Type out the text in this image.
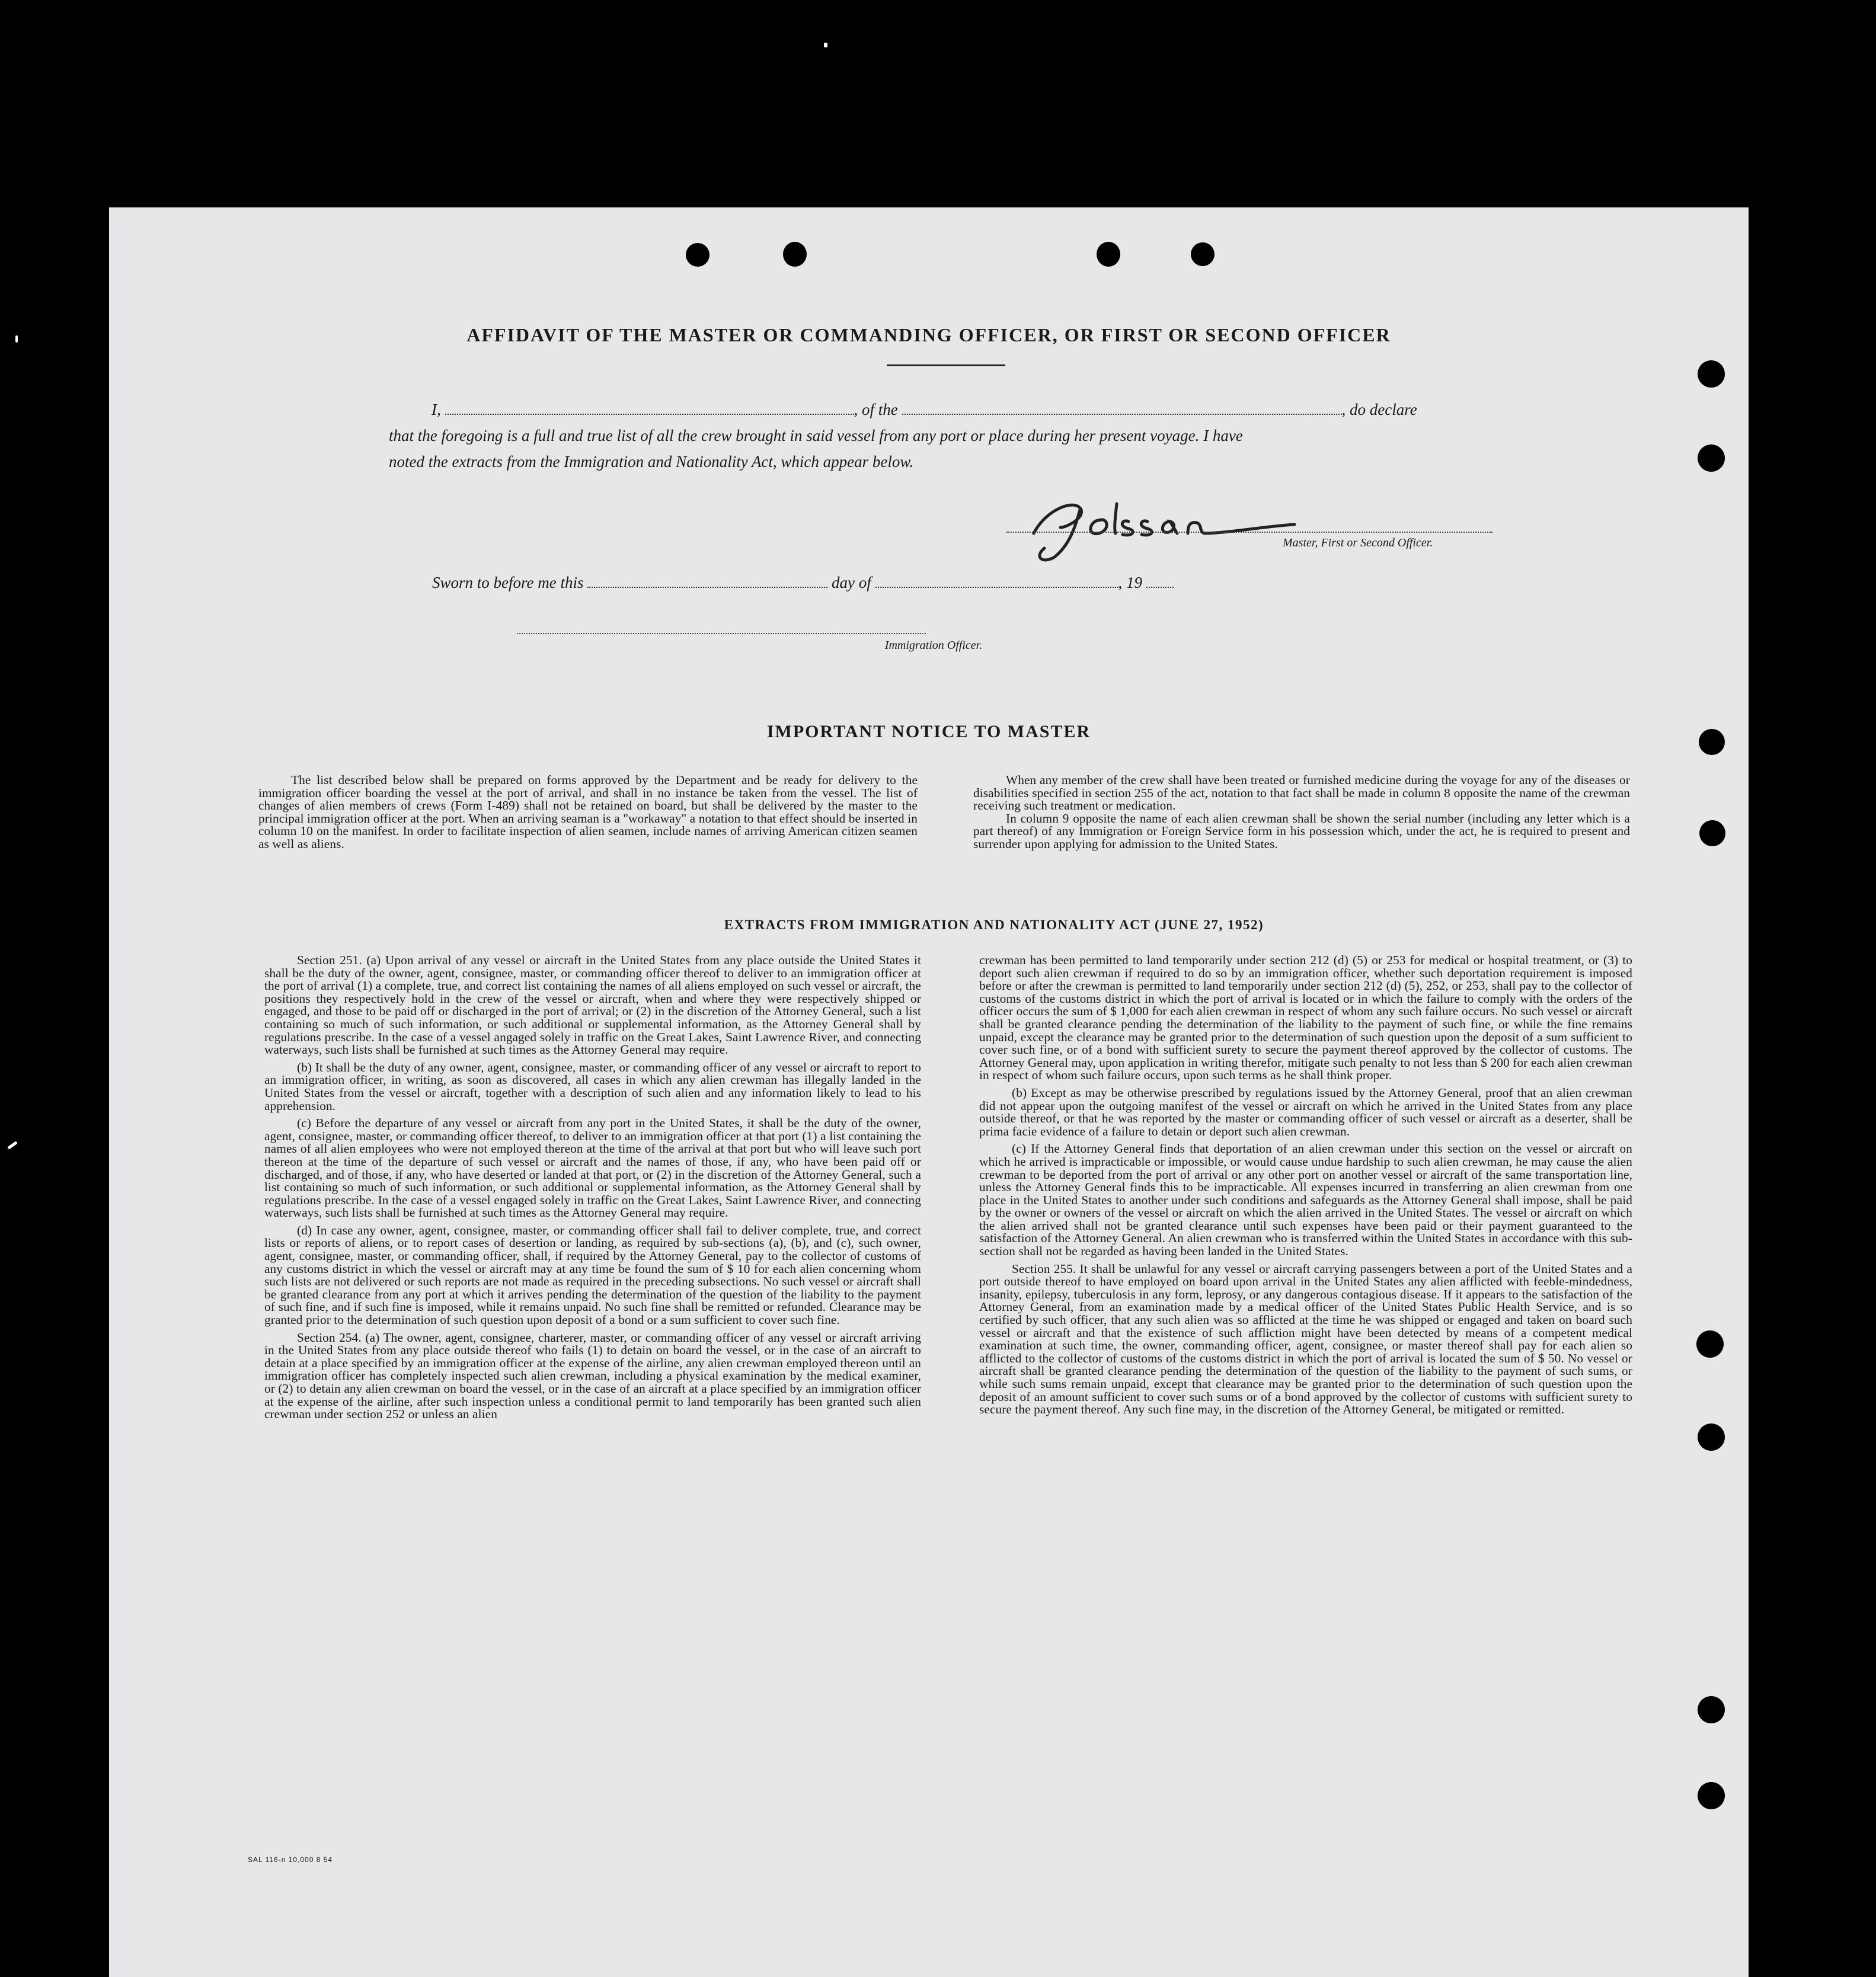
AFFIDAVIT OF THE MASTER OR COMMANDING OFFICER, OR FIRST OR SECOND OFFICER
I,	, of the	, do declare
that the foregoing is a full and true list of all the crew brought in said vessel from any port or place during her present voyage. I have
noted the extracts from the Immigration and Nationality Act, which appear below.
Master, First or Second Officer.
Sworn to before me this	day of	, 19
Immigration Officer.
IMPORTANT NOTICE TO MASTER

The list described below shall be prepared on forms approved by the Department and be ready for delivery to the immigration officer boarding the vessel at the port of arrival, and shall in no instance be taken from the vessel. The list of changes of alien members of crews (Form I-489) shall not be retained on board, but shall be delivered by the master to the principal immigration officer at the port. When an arriving seaman is a "workaway" a notation to that effect should be inserted in column 10 on the manifest. In order to facilitate inspection of alien seamen, include names of arriving American citizen seamen as well as aliens.

When any member of the crew shall have been treated or furnished medicine during the voyage for any of the diseases or disabilities specified in section 255 of the act, notation to that fact shall be made in column 8 opposite the name of the crewman receiving such treatment or medication.

In column 9 opposite the name of each alien crewman shall be shown the serial number (including any letter which is a part thereof) of any Immigration or Foreign Service form in his possession which, under the act, he is required to present and surrender upon applying for admission to the United States.

EXTRACTS FROM IMMIGRATION AND NATIONALITY ACT (JUNE 27, 1952)

Section 251. (a) Upon arrival of any vessel or aircraft in the United States from any place outside the United States it shall be the duty of the owner, agent, consignee, master, or commanding officer thereof to deliver to an immigration officer at the port of arrival (1) a complete, true, and correct list containing the names of all aliens employed on such vessel or aircraft, the positions they respectively hold in the crew of the vessel or aircraft, when and where they were respectively shipped or engaged, and those to be paid off or discharged in the port of arrival; or (2) in the discretion of the Attorney General, such a list containing so much of such information, or such additional or supplemental information, as the Attorney General shall by regulations prescribe. In the case of a vessel angaged solely in traffic on the Great Lakes, Saint Lawrence River, and connecting waterways, such lists shall be furnished at such times as the Attorney General may require.

(b) It shall be the duty of any owner, agent, consignee, master, or commanding officer of any vessel or aircraft to report to an immigration officer, in writing, as soon as discovered, all cases in which any alien crewman has illegally landed in the United States from the vessel or aircraft, together with a description of such alien and any information likely to lead to his apprehension.

(c) Before the departure of any vessel or aircraft from any port in the United States, it shall be the duty of the owner, agent, consignee, master, or commanding officer thereof, to deliver to an immigration officer at that port (1) a list containing the names of all alien employees who were not employed thereon at the time of the arrival at that port but who will leave such port thereon at the time of the departure of such vessel or aircraft and the names of those, if any, who have been paid off or discharged, and of those, if any, who have deserted or landed at that port, or (2) in the discretion of the Attorney General, such a list containing so much of such information, or such additional or supplemental information, as the Attorney General shall by regulations prescribe. In the case of a vessel engaged solely in traffic on the Great Lakes, Saint Lawrence River, and connecting waterways, such lists shall be furnished at such times as the Attorney General may require.

(d) In case any owner, agent, consignee, master, or commanding officer shall fail to deliver complete, true, and correct lists or reports of aliens, or to report cases of desertion or landing, as required by sub-sections (a), (b), and (c), such owner, agent, consignee, master, or commanding officer, shall, if required by the Attorney General, pay to the collector of customs of any customs district in which the vessel or aircraft may at any time be found the sum of $ 10 for each alien concerning whom such lists are not delivered or such reports are not made as required in the preceding subsections. No such vessel or aircraft shall be granted clearance from any port at which it arrives pending the determination of the question of the liability to the payment of such fine, and if such fine is imposed, while it remains unpaid. No such fine shall be remitted or refunded. Clearance may be granted prior to the determination of such question upon deposit of a bond or a sum sufficient to cover such fine.

Section 254. (a) The owner, agent, consignee, charterer, master, or commanding officer of any vessel or aircraft arriving in the United States from any place outside thereof who fails (1) to detain on board the vessel, or in the case of an aircraft to detain at a place specified by an immigration officer at the expense of the airline, any alien crewman employed thereon until an immigration officer has completely inspected such alien crewman, including a physical examination by the medical examiner, or (2) to detain any alien crewman on board the vessel, or in the case of an aircraft at a place specified by an immigration officer at the expense of the airline, after such inspection unless a conditional permit to land temporarily has been granted such alien crewman under section 252 or unless an alien

crewman has been permitted to land temporarily under section 212 (d) (5) or 253 for medical or hospital treatment, or (3) to deport such alien crewman if required to do so by an immigration officer, whether such deportation requirement is imposed before or after the crewman is permitted to land temporarily under section 212 (d) (5), 252, or 253, shall pay to the collector of customs of the customs district in which the port of arrival is located or in which the failure to comply with the orders of the officer occurs the sum of $ 1,000 for each alien crewman in respect of whom any such failure occurs. No such vessel or aircraft shall be granted clearance pending the determination of the liability to the payment of such fine, or while the fine remains unpaid, except the clearance may be granted prior to the determination of such question upon the deposit of a sum sufficient to cover such fine, or of a bond with sufficient surety to secure the payment thereof approved by the collector of customs. The Attorney General may, upon application in writing therefor, mitigate such penalty to not less than $ 200 for each alien crewman in respect of whom such failure occurs, upon such terms as he shall think proper.

(b) Except as may be otherwise prescribed by regulations issued by the Attorney General, proof that an alien crewman did not appear upon the outgoing manifest of the vessel or aircraft on which he arrived in the United States from any place outside thereof, or that he was reported by the master or commanding officer of such vessel or aircraft as a deserter, shall be prima facie evidence of a failure to detain or deport such alien crewman.

(c) If the Attorney General finds that deportation of an alien crewman under this section on the vessel or aircraft on which he arrived is impracticable or impossible, or would cause undue hardship to such alien crewman, he may cause the alien crewman to be deported from the port of arrival or any other port on another vessel or aircraft of the same transportation line, unless the Attorney General finds this to be impracticable. All expenses incurred in transferring an alien crewman from one place in the United States to another under such conditions and safeguards as the Attorney General shall impose, shall be paid by the owner or owners of the vessel or aircraft on which the alien arrived in the United States. The vessel or aircraft on which the alien arrived shall not be granted clearance until such expenses have been paid or their payment guaranteed to the satisfaction of the Attorney General. An alien crewman who is transferred within the United States in accordance with this sub-section shall not be regarded as having been landed in the United States.

Section 255. It shall be unlawful for any vessel or aircraft carrying passengers between a port of the United States and a port outside thereof to have employed on board upon arrival in the United States any alien afflicted with feeble-mindedness, insanity, epilepsy, tuberculosis in any form, leprosy, or any dangerous contagious disease. If it appears to the satisfaction of the Attorney General, from an examination made by a medical officer of the United States Public Health Service, and is so certified by such officer, that any such alien was so afflicted at the time he was shipped or engaged and taken on board such vessel or aircraft and that the existence of such affliction might have been detected by means of a competent medical examination at such time, the owner, commanding officer, agent, consignee, or master thereof shall pay for each alien so afflicted to the collector of customs of the customs district in which the port of arrival is located the sum of $ 50. No vessel or aircraft shall be granted clearance pending the determination of the question of the liability to the payment of such sums, or while such sums remain unpaid, except that clearance may be granted prior to the determination of such question upon the deposit of an amount sufficient to cover such sums or of a bond approved by the collector of customs with sufficient surety to secure the payment thereof. Any such fine may, in the discretion of the Attorney General, be mitigated or remitted.

SAL 116-n 10,000 8 54
